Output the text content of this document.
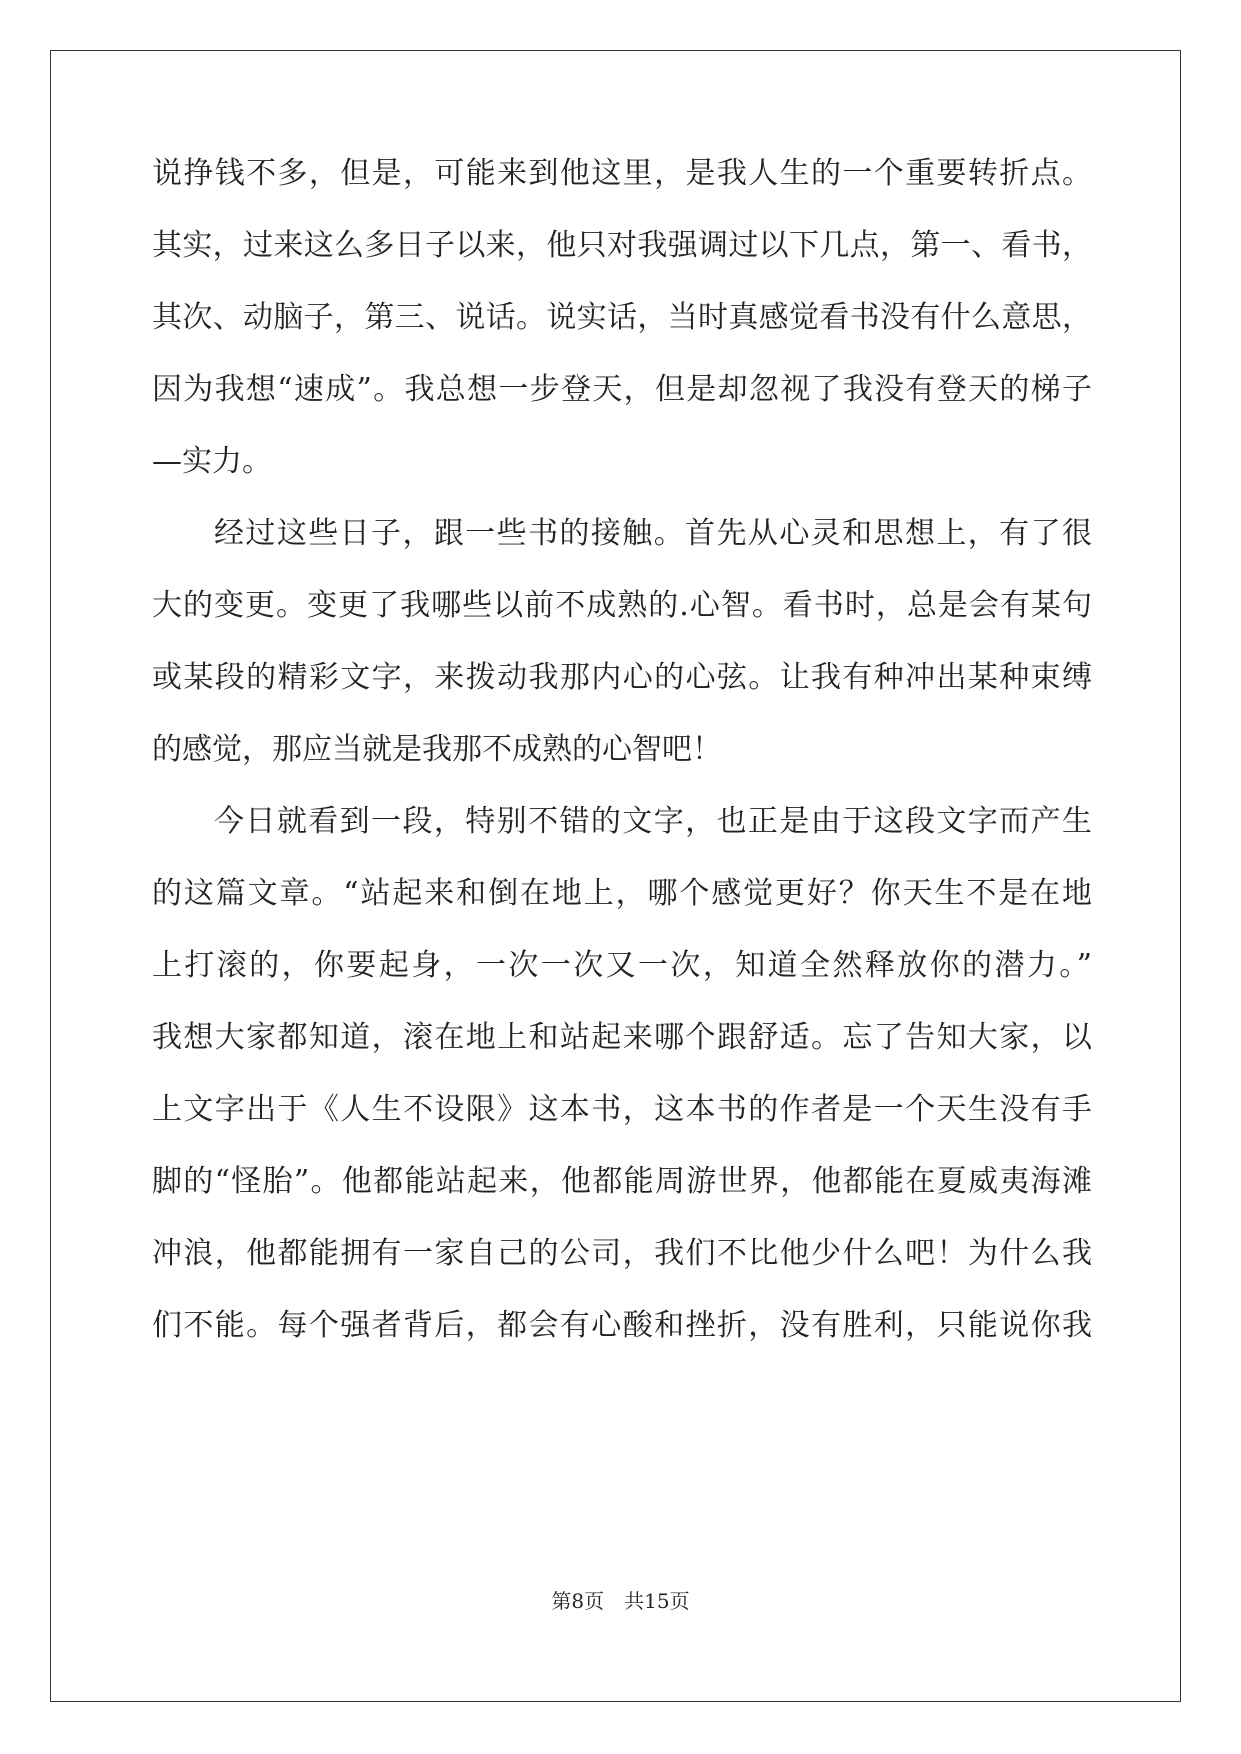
说挣钱不多，但是，可能来到他这里，是我人生的一个重要转折点。
其实，过来这么多日子以来，他只对我强调过以下几点，第一、看书，
其次、动脑子，第三、说话。说实话，当时真感觉看书没有什么意思，
因为我想“速成”。我总想一步登天，但是却忽视了我没有登天的梯子
—实力。
经过这些日子，跟一些书的接触。首先从心灵和思想上，有了很
大的变更。变更了我哪些以前不成熟的.心智。看书时，总是会有某句
或某段的精彩文字，来拨动我那内心的心弦。让我有种冲出某种束缚
的感觉，那应当就是我那不成熟的心智吧！
今日就看到一段，特别不错的文字，也正是由于这段文字而产生
的这篇文章。“站起来和倒在地上，哪个感觉更好？你天生不是在地
上打滚的，你要起身，一次一次又一次，知道全然释放你的潜力。”
我想大家都知道，滚在地上和站起来哪个跟舒适。忘了告知大家，以
上文字出于《人生不设限》这本书，这本书的作者是一个天生没有手
脚的“怪胎”。他都能站起来，他都能周游世界，他都能在夏威夷海滩
冲浪，他都能拥有一家自己的公司，我们不比他少什么吧！为什么我
们不能。每个强者背后，都会有心酸和挫折，没有胜利，只能说你我
第8页 共15页
